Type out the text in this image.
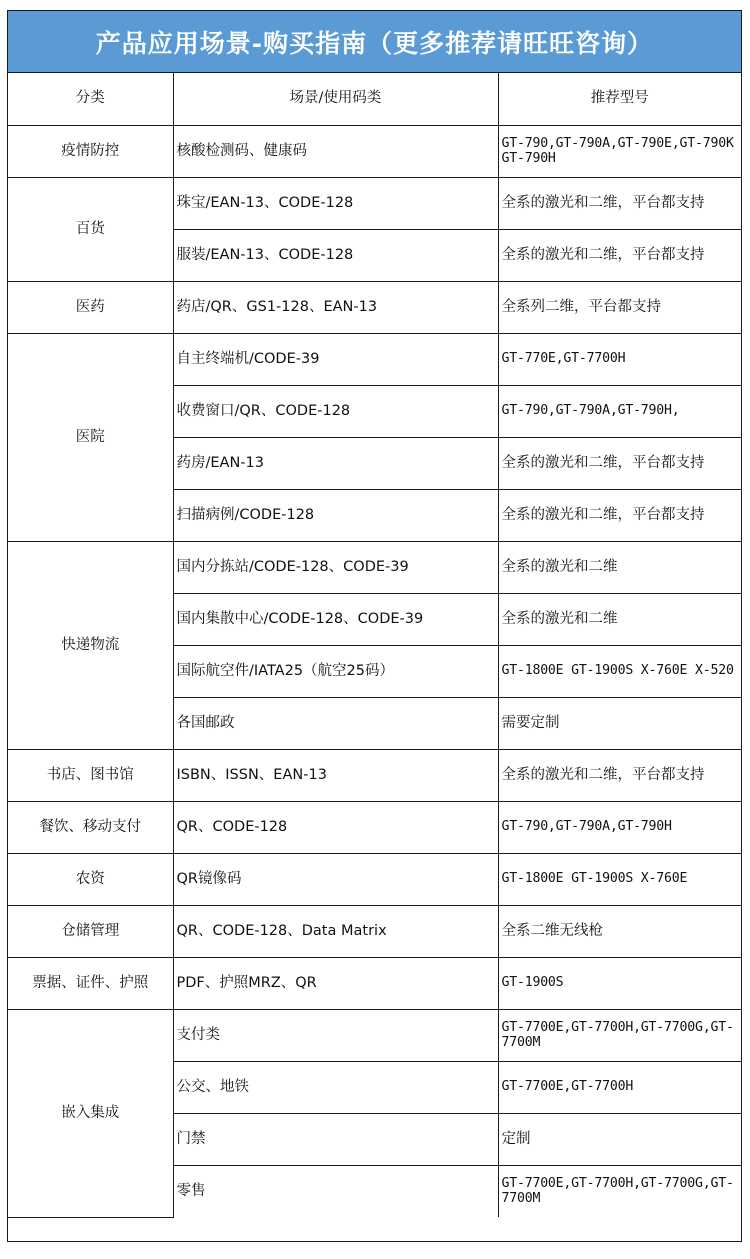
产品应用场景-购买指南（更多推荐请旺旺咨询）
分类	场景/使用码类	推荐型号
疫情防控	核酸检测码、健康码	GT-790,GT-790A,GT-790E,GT-790K GT-790H
百货	珠宝/EAN-13、CODE-128	全系的激光和二维，平台都支持
	服装/EAN-13、CODE-128	全系的激光和二维，平台都支持
医药	药店/QR、GS1-128、EAN-13	全系列二维，平台都支持
医院	自主终端机/CODE-39	GT-770E,GT-7700H
	收费窗口/QR、CODE-128	GT-790,GT-790A,GT-790H,
	药房/EAN-13	全系的激光和二维，平台都支持
	扫描病例/CODE-128	全系的激光和二维，平台都支持
快递物流	国内分拣站/CODE-128、CODE-39	全系的激光和二维
	国内集散中心/CODE-128、CODE-39	全系的激光和二维
	国际航空件/IATA25（航空25码）	GT-1800E GT-1900S X-760E X-520
	各国邮政	需要定制
书店、图书馆	ISBN、ISSN、EAN-13	全系的激光和二维，平台都支持
餐饮、移动支付	QR、CODE-128	GT-790,GT-790A,GT-790H
农资	QR镜像码	GT-1800E GT-1900S X-760E
仓储管理	QR、CODE-128、Data Matrix	全系二维无线枪
票据、证件、护照	PDF、护照MRZ、QR	GT-1900S
嵌入集成	支付类	GT-7700E,GT-7700H,GT-7700G,GT-7700M
	公交、地铁	GT-7700E,GT-7700H
	门禁	定制
	零售	GT-7700E,GT-7700H,GT-7700G,GT-7700M
